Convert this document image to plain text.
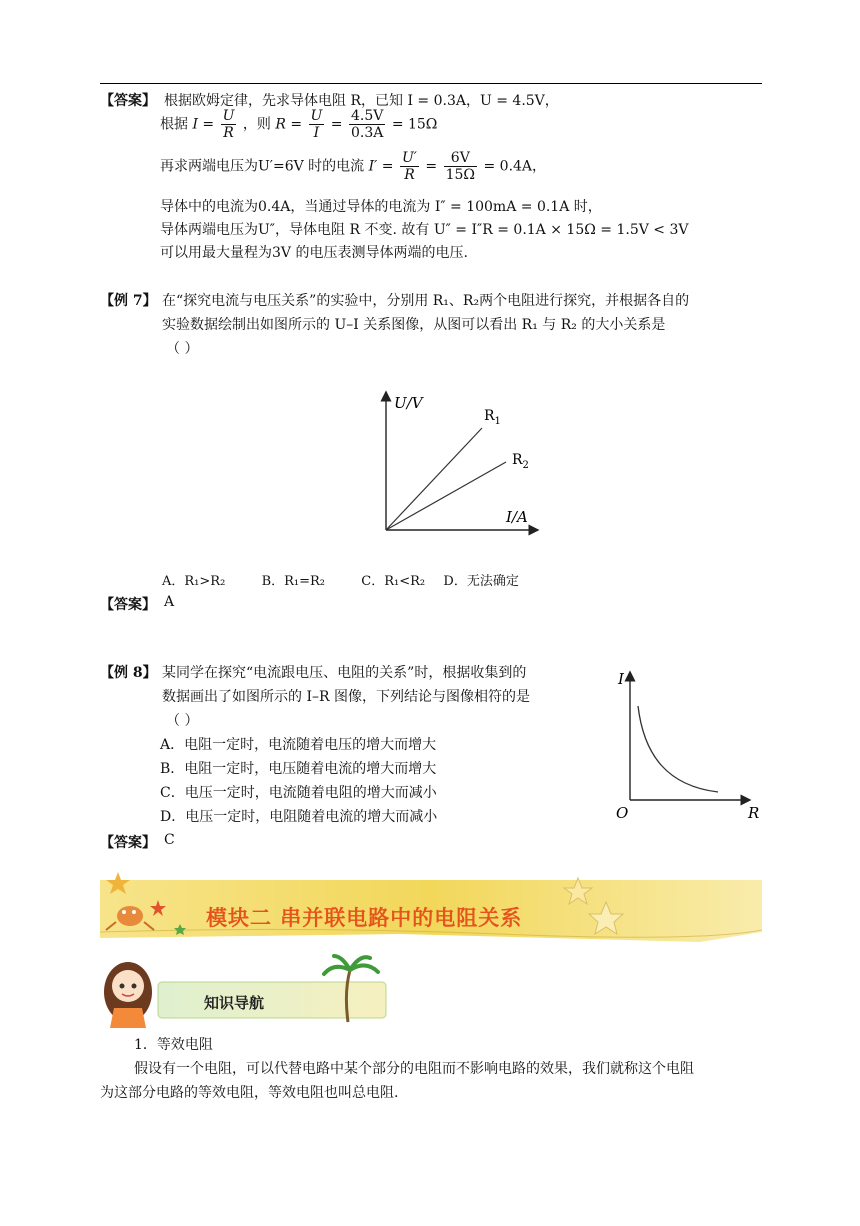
【答案】 根据欧姆定律，先求导体电阻 R，已知 I = 0.3A，U = 4.5V，
根据 $I = \frac{U}{R}$ ，则 $R = \frac{U}{I} = \frac{4.5V}{0.3A} = 15\Omega$
再求两端电压为U′=6V 时的电流 $I' = \frac{U'}{R} = \frac{6V}{15\Omega} = 0.4A$，
导体中的电流为0.4A，当通过导体的电流为 I″ = 100mA = 0.1A 时，
导体两端电压为U″，导体电阻 R 不变. 故有 U″ = I″R = 0.1A × 15Ω = 1.5V < 3V
可以用最大量程为3V 的电压表测导体两端的电压.
【例 7】 在“探究电流与电压关系”的实验中，分别用 R₁、R₂两个电阻进行探究，并根据各自的
实验数据绘制出如图所示的 U–I 关系图像，从图可以看出 R₁ 与 R₂ 的大小关系是
（ ）
U/V
I/A
$R_1$
$R_2$
A．R₁>R₂	B．R₁=R₂	C．R₁<R₂ D．无法确定
【答案】 A
【例 8】 某同学在探究“电流跟电压、电阻的关系”时，根据收集到的
数据画出了如图所示的 I–R 图像，下列结论与图像相符的是
（ ）
A．电阻一定时，电流随着电压的增大而增大
B．电阻一定时，电压随着电流的增大而增大
C．电压一定时，电流随着电阻的增大而减小
D．电压一定时，电阻随着电流的增大而减小
【答案】 C
I
R
O
模块二 串并联电路中的电阻关系
知识导航
1．等效电阻
假设有一个电阻，可以代替电路中某个部分的电阻而不影响电路的效果，我们就称这个电阻
为这部分电路的等效电阻，等效电阻也叫总电阻.
